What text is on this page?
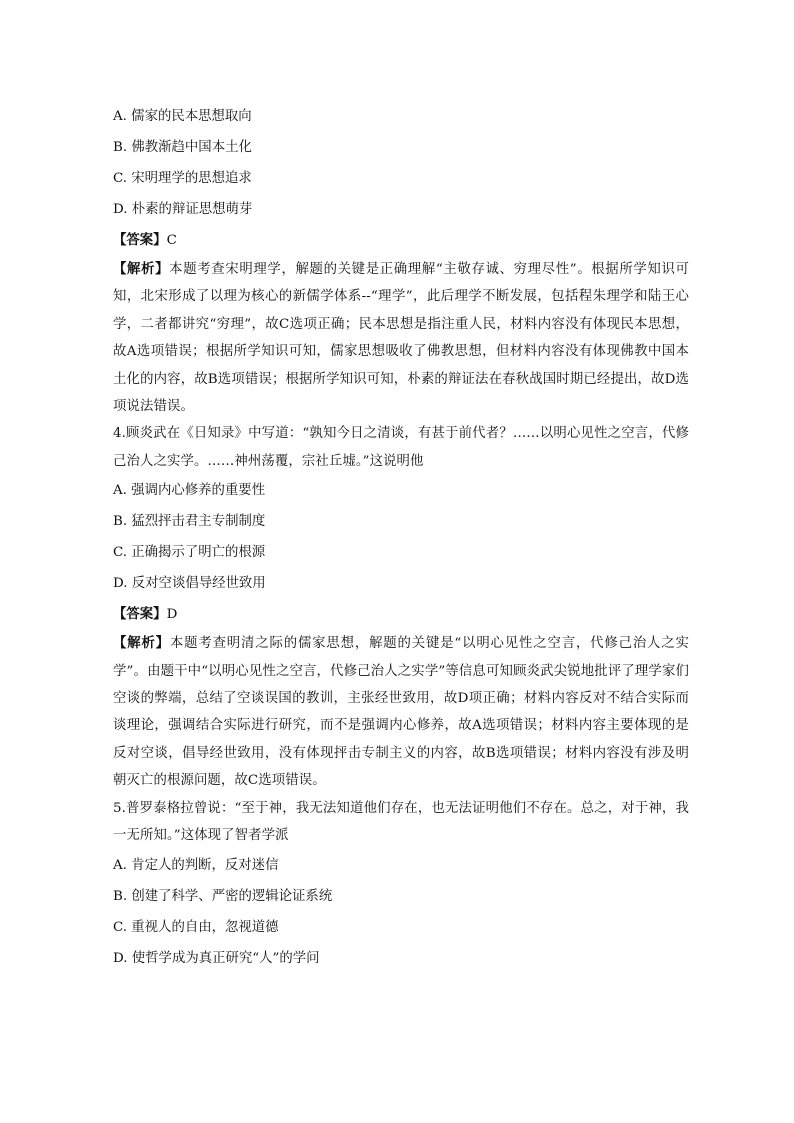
A. 儒家的民本思想取向

B. 佛教渐趋中国本土化

C. 宋明理学的思想追求

D. 朴素的辩证思想萌芽

【答案】C

【解析】本题考查宋明理学，解题的关键是正确理解“主敬存诚、穷理尽性”。根据所学知识可知，北宋形成了以理为核心的新儒学体系--“理学”，此后理学不断发展，包括程朱理学和陆王心学，二者都讲究“穷理”，故C选项正确；民本思想是指注重人民，材料内容没有体现民本思想，故A选项错误；根据所学知识可知，儒家思想吸收了佛教思想，但材料内容没有体现佛教中国本土化的内容，故B选项错误；根据所学知识可知，朴素的辩证法在春秋战国时期已经提出，故D选项说法错误。

4.顾炎武在《日知录》中写道：“孰知今日之清谈，有甚于前代者？……以明心见性之空言，代修己治人之实学。……神州荡覆，宗社丘墟。”这说明他

A. 强调内心修养的重要性

B. 猛烈抨击君主专制制度

C. 正确揭示了明亡的根源

D. 反对空谈倡导经世致用

【答案】D

【解析】本题考查明清之际的儒家思想，解题的关键是“以明心见性之空言，代修己治人之实学”。由题干中“以明心见性之空言，代修己治人之实学”等信息可知顾炎武尖锐地批评了理学家们空谈的弊端，总结了空谈误国的教训，主张经世致用，故D项正确；材料内容反对不结合实际而谈理论，强调结合实际进行研究，而不是强调内心修养，故A选项错误；材料内容主要体现的是反对空谈，倡导经世致用，没有体现抨击专制主义的内容，故B选项错误；材料内容没有涉及明朝灭亡的根源问题，故C选项错误。

5.普罗泰格拉曾说：“至于神，我无法知道他们存在，也无法证明他们不存在。总之，对于神，我一无所知。”这体现了智者学派

A. 肯定人的判断，反对迷信

B. 创建了科学、严密的逻辑论证系统

C. 重视人的自由，忽视道德

D. 使哲学成为真正研究“人”的学问
